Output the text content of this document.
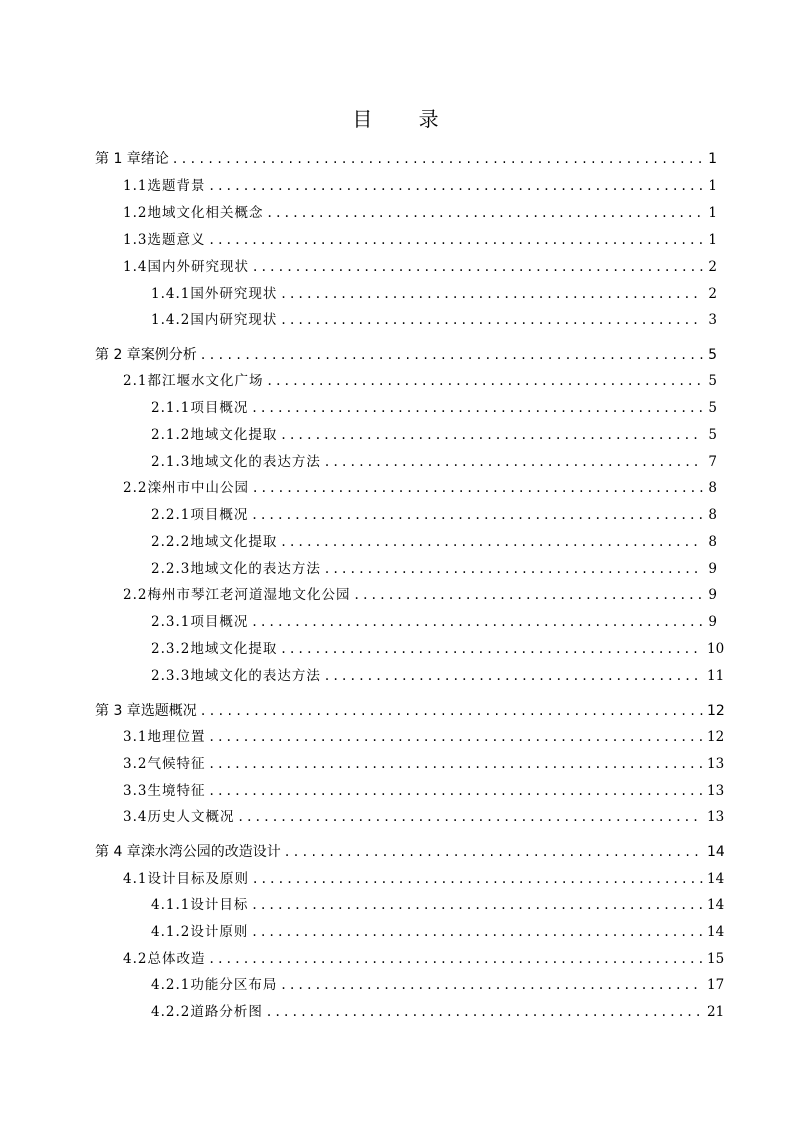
目 录
第 1 章 绪论 . . .	1
1.1 选题背景 . . .	1
1.2 地域文化相关概念 . . .	1
1.3 选题意义 . . .	1
1.4 国内外研究现状 . . .	2
1.4.1 国外研究现状 . . .	2
1.4.2 国内研究现状 . . .	3
第 2 章 案例分析 . . .	5
2.1 都江堰水文化广场 . . .	5
2.1.1 项目概况 . . .	5
2.1.2 地域文化提取 . . .	5
2.1.3 地域文化的表达方法 . . .	7
2.2 滦州市中山公园 . . .	8
2.2.1 项目概况 . . .	8
2.2.2 地域文化提取 . . .	8
2.2.3 地域文化的表达方法 . . .	9
2.2 梅州市琴江老河道湿地文化公园 . . .	9
2.3.1 项目概况 . . .	9
2.3.2 地域文化提取 . . .	10
2.3.3 地域文化的表达方法 . . .	11
第 3 章 选题概况 . . .	12
3.1 地理位置 . . .	12
3.2 气候特征 . . .	13
3.3 生境特征 . . .	13
3.4 历史人文概况 . . .	13
第 4 章 滦水湾公园的改造设计 . . .	14
4.1 设计目标及原则 . . .	14
4.1.1 设计目标 . . .	14
4.1.2 设计原则 . . .	14
4.2 总体改造 . . .	15
4.2.1 功能分区布局 . . .	17
4.2.2 道路分析图 . . .	21
